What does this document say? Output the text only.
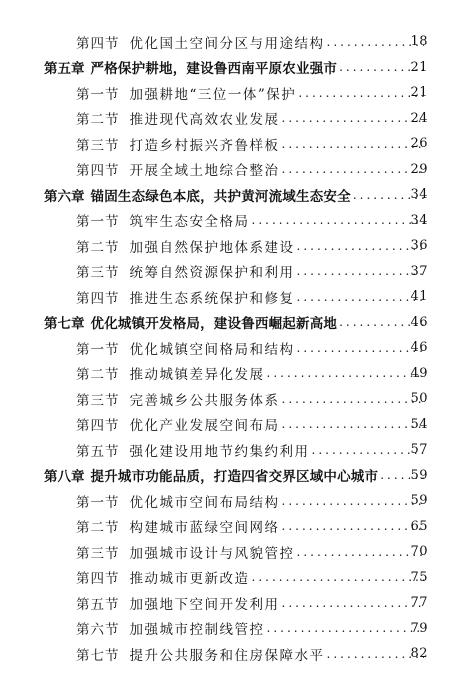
第四节 优化国土空间分区与用途结构 .....	18
第五章 严格保护耕地，建设鲁西南平原农业强市 .....	21
第一节 加强耕地“三位一体”保护 .....	21
第二节 推进现代高效农业发展 .....	24
第三节 打造乡村振兴齐鲁样板 .....	26
第四节 开展全域土地综合整治 .....	29
第六章 锚固生态绿色本底，共护黄河流域生态安全 .....	34
第一节 筑牢生态安全格局 .....	34
第二节 加强自然保护地体系建设 .....	36
第三节 统筹自然资源保护和利用 .....	37
第四节 推进生态系统保护和修复 .....	41
第七章 优化城镇开发格局，建设鲁西崛起新高地 .....	46
第一节 优化城镇空间格局和结构 .....	46
第二节 推动城镇差异化发展 .....	49
第三节 完善城乡公共服务体系 .....	50
第四节 优化产业发展空间布局 .....	54
第五节 强化建设用地节约集约利用 .....	57
第八章 提升城市功能品质，打造四省交界区域中心城市 ..... 59
第一节 优化城市空间布局结构 .....	59
第二节 构建城市蓝绿空间网络 .....	65
第三节 加强城市设计与风貌管控 .....	70
第四节 推动城市更新改造 .....	75
第五节 加强地下空间开发利用 .....	77
第六节 加强城市控制线管控 .....	79
第七节 提升公共服务和住房保障水平 .....	82
